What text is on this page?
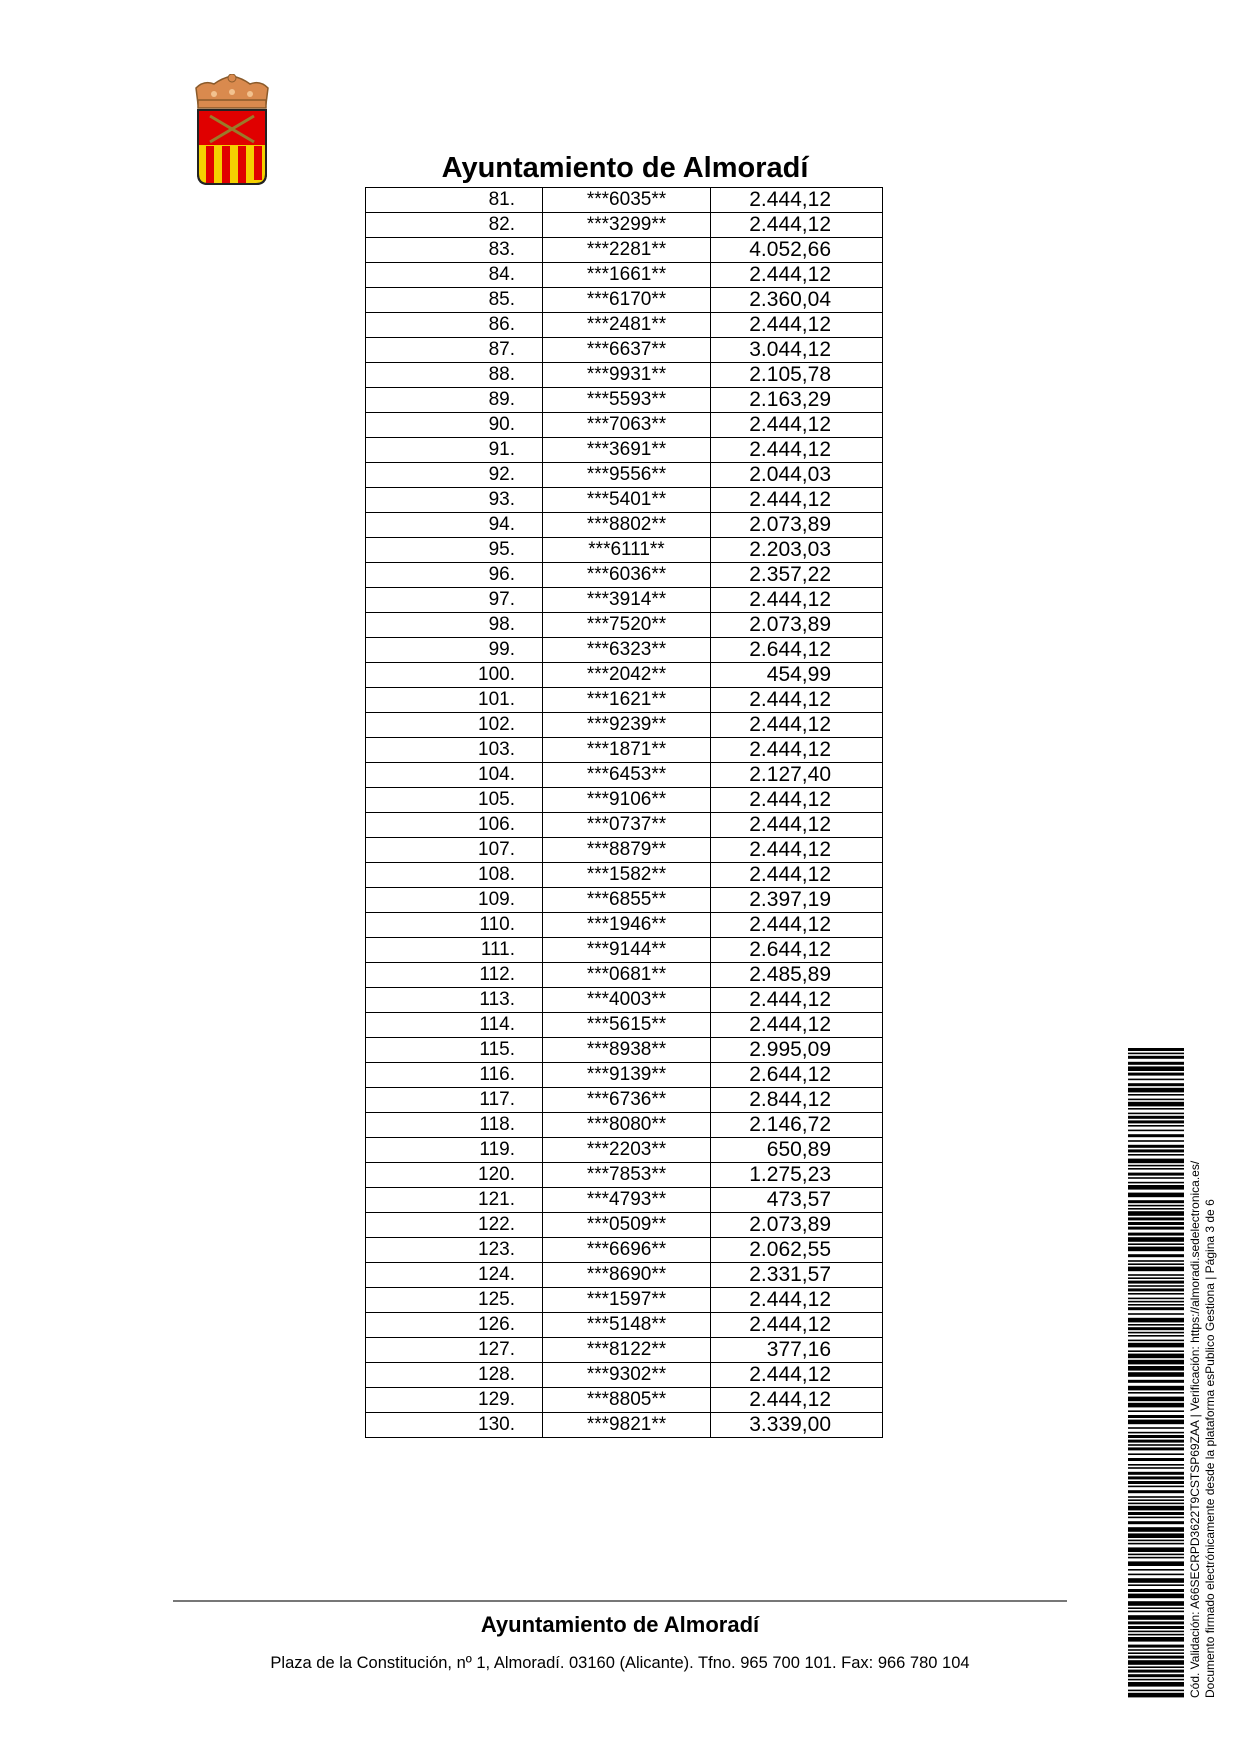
Ayuntamiento de Almoradí
81.	***6035**	2.444,12
82.	***3299**	2.444,12
83.	***2281**	4.052,66
84.	***1661**	2.444,12
85.	***6170**	2.360,04
86.	***2481**	2.444,12
87.	***6637**	3.044,12
88.	***9931**	2.105,78
89.	***5593**	2.163,29
90.	***7063**	2.444,12
91.	***3691**	2.444,12
92.	***9556**	2.044,03
93.	***5401**	2.444,12
94.	***8802**	2.073,89
95.	***6111**	2.203,03
96.	***6036**	2.357,22
97.	***3914**	2.444,12
98.	***7520**	2.073,89
99.	***6323**	2.644,12
100.	***2042**	454,99
101.	***1621**	2.444,12
102.	***9239**	2.444,12
103.	***1871**	2.444,12
104.	***6453**	2.127,40
105.	***9106**	2.444,12
106.	***0737**	2.444,12
107.	***8879**	2.444,12
108.	***1582**	2.444,12
109.	***6855**	2.397,19
110.	***1946**	2.444,12
111.	***9144**	2.644,12
112.	***0681**	2.485,89
113.	***4003**	2.444,12
114.	***5615**	2.444,12
115.	***8938**	2.995,09
116.	***9139**	2.644,12
117.	***6736**	2.844,12
118.	***8080**	2.146,72
119.	***2203**	650,89
120.	***7853**	1.275,23
121.	***4793**	473,57
122.	***0509**	2.073,89
123.	***6696**	2.062,55
124.	***8690**	2.331,57
125.	***1597**	2.444,12
126.	***5148**	2.444,12
127.	***8122**	377,16
128.	***9302**	2.444,12
129.	***8805**	2.444,12
130.	***9821**	3.339,00
Ayuntamiento de Almoradí
Plaza de la Constitución, nº 1, Almoradí. 03160 (Alicante). Tfno. 965 700 101. Fax: 966 780 104	Cód. Validación: A66SECRPD3622T9CSTSP69ZAA | Verificación: https://almoradi.sedelectronica.es/ Documento firmado electrónicamente desde la plataforma esPublico Gestiona | Página 3 de 6
